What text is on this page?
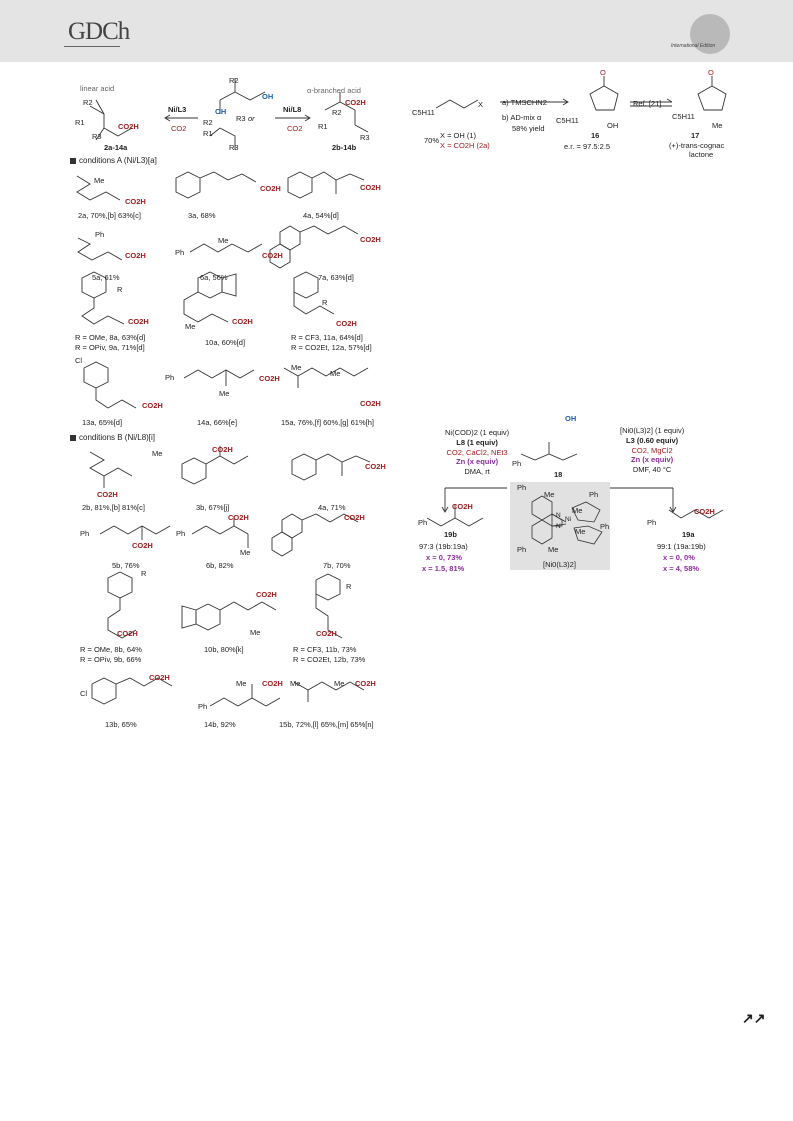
GDCh
International Edition
linear acid	α-branched acid
R2
R1
R3
CO2H
2a-14a
Ni/L3
CO2
R2
OH
OH
R2	R3 or
R1
R3
Ni/L8
CO2
CO2H
R2
R1
R3
2b-14b
conditions A (Ni/L3)[a]
Me
CO2H
CO2H	CO2H
2a, 70%,[b] 63%[c]	3a, 68%	4a, 54%[d]
Ph
CO2H	Ph
Me
CO2H
CO2H
5a, 61%	6a, 56%	7a, 63%[d]
R
CO2H
Me
CO2H
R
CO2H
R = OMe, 8a, 63%[d]
R = OPiv, 9a, 71%[d]
10a, 60%[d]
R = CF3, 11a, 64%[d]
R = CO2Et, 12a, 57%[d]
Cl
CO2H
Ph
Me
CO2H
Me
Me
CO2H
13a, 65%[d]	14a, 66%[e]	15a, 76%,[f] 60%,[g] 61%[h]
conditions B (Ni/L8)[i]
Me
CO2H
CO2H
CO2H
2b, 81%,[b] 81%[c]	3b, 67%[j]	4a, 71%
Ph
CO2H
Ph
CO2H
Me
CO2H
5b, 76%	6b, 82%	7b, 70%
R
CO2H
CO2H
Me
R
CO2H
R = OMe, 8b, 64%
R = OPiv, 9b, 66%
10b, 80%[k]	R = CF3, 11b, 73%
R = CO2Et, 12b, 73%
Cl
CO2H
Ph
Me CO2H Me	Me CO2H
13b, 65%	14b, 92%	15b, 72%,[l] 65%,[m] 65%[n]
C5H11
X
70%
X = OH (1)
X = CO2H (2a)
a) TMSCHN2
b) AD-mix α
58% yield
O
C5H11
OH
16
e.r. = 97.5:2.5
Ref. [21]
O
C5H11
Me
17
(+)-trans-cognac
lactone
Ni(COD)2 (1 equiv)
L8 (1 equiv)
CO2, CaCl2, NEt3
Zn (x equiv)
DMA, rt
[Ni0(L3)2] (1 equiv)
L3 (0.60 equiv)
CO2, MgCl2
Zn (x equiv)
DMF, 40 °C
OH
Ph
18
CO2H
Ph
19b
97:3 (19b:19a)
x = 0, 73%
x = 1.5, 81%
Ph
Me	Ph
Me
N
Ni
N
Me
Ph
Ph	Me
[Ni0(L3)2]
CO2H
Ph
19a
99:1 (19a:19b)
x = 0, 0%
x = 4, 58%
↗↗
